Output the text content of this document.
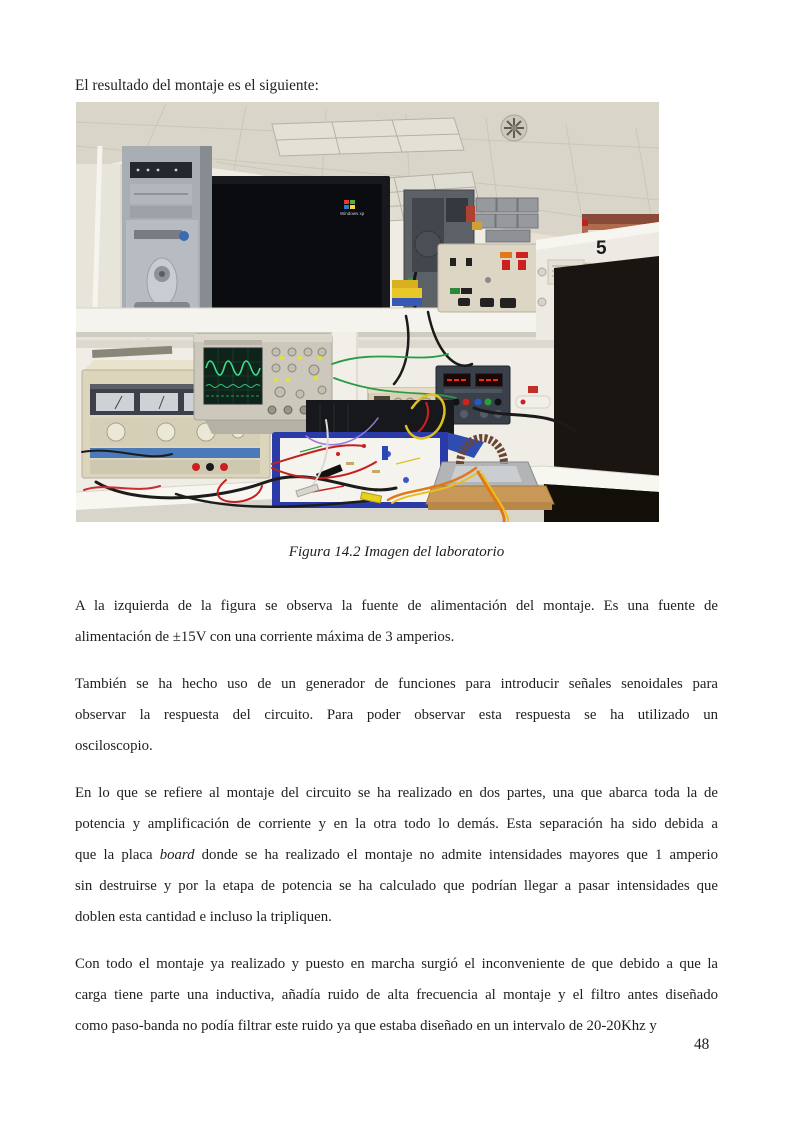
El resultado del montaje es el siguiente:

Windows xp
5
Figura 14.2 Imagen del laboratorio
A la izquierda de la figura se observa la fuente de alimentación del montaje. Es una fuente de
alimentación de ±15V con una corriente máxima de 3 amperios.
También se ha hecho uso de un generador de funciones para introducir señales senoidales para
observar la respuesta del circuito. Para poder observar esta respuesta se ha utilizado un
osciloscopio.
En lo que se refiere al montaje del circuito se ha realizado en dos partes, una que abarca toda la de
potencia y amplificación de corriente y en la otra todo lo demás. Esta separación ha sido debida a
que la placa board donde se ha realizado el montaje no admite intensidades mayores que 1 amperio
sin destruirse y por la etapa de potencia se ha calculado que podrían llegar a pasar intensidades que
doblen esta cantidad e incluso la tripliquen.
Con todo el montaje ya realizado y puesto en marcha surgió el inconveniente de que debido a que la
carga tiene parte una inductiva, añadía ruido de alta frecuencia al montaje y el filtro antes diseñado
como paso-banda no podía filtrar este ruido ya que estaba diseñado en un intervalo de 20-20Khz y
48
